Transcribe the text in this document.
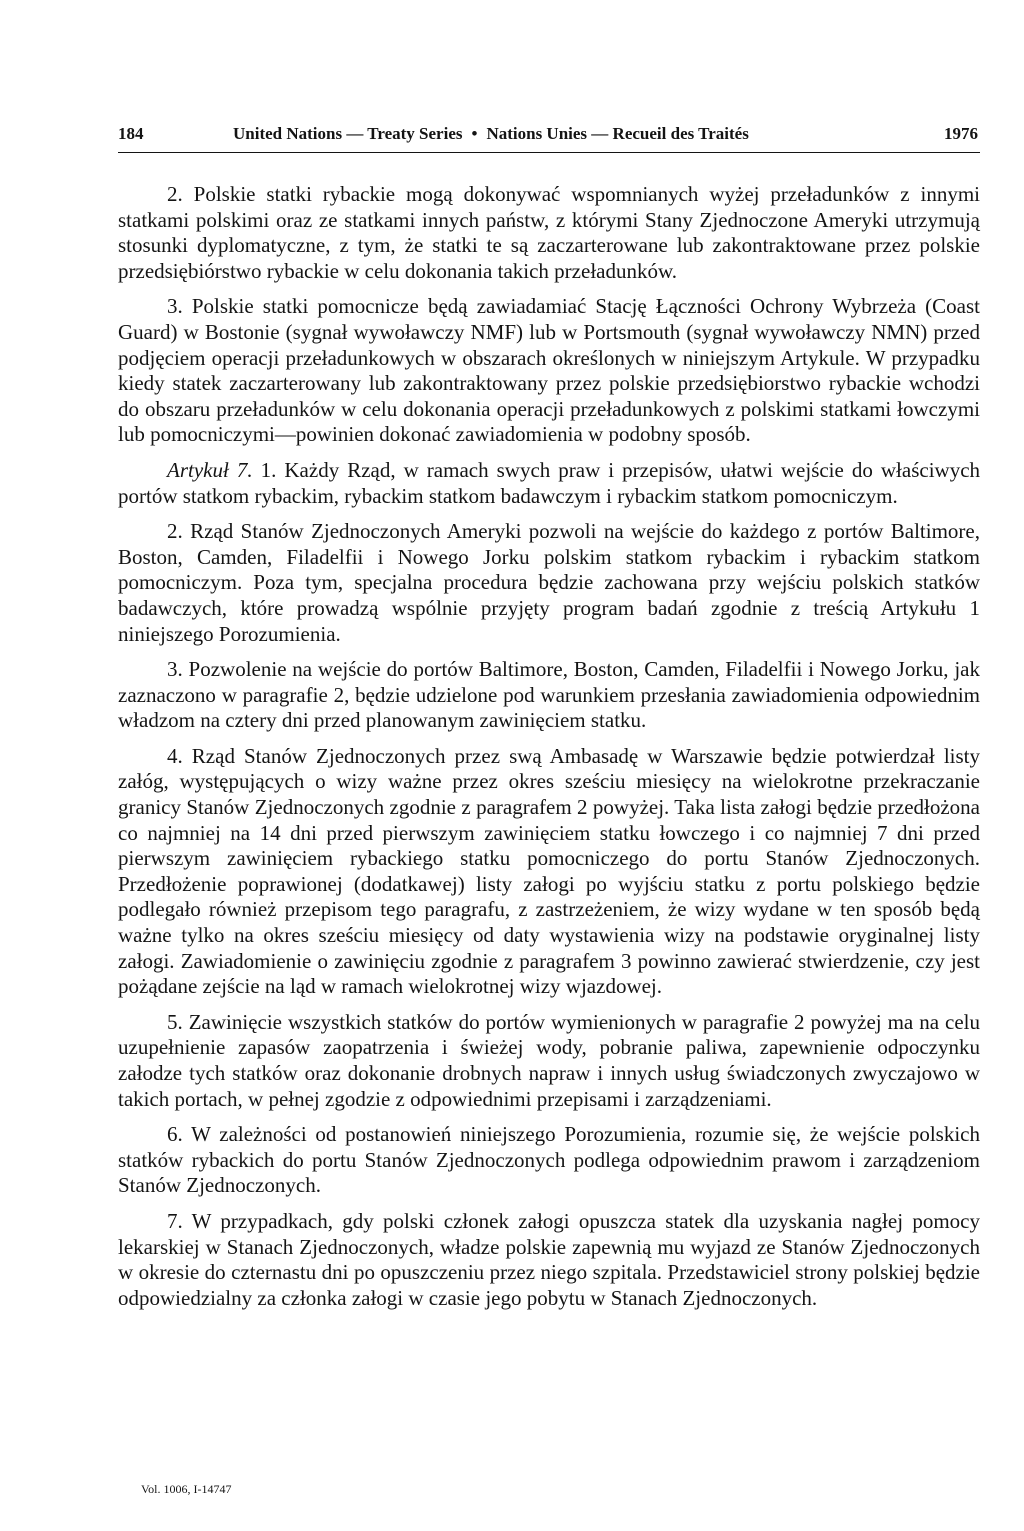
184	United Nations — Treaty Series • Nations Unies — Recueil des Traités	1976

2. Polskie statki rybackie mogą dokonywać wspomnianych wyżej przeładunków z innymi statkami polskimi oraz ze statkami innych państw, z którymi Stany Zjednoczone Ameryki utrzymują stosunki dyplomatyczne, z tym, że statki te są zaczarterowane lub zakontraktowane przez polskie przedsiębiórstwo rybackie w celu dokonania takich przeładunków.

3. Polskie statki pomocnicze będą zawiadamiać Stację Łączności Ochrony Wybrzeża (Coast Guard) w Bostonie (sygnał wywoławczy NMF) lub w Portsmouth (sygnał wywoławczy NMN) przed podjęciem operacji przeładunkowych w obszarach określonych w niniejszym Artykule. W przypadku kiedy statek zaczarterowany lub zakontraktowany przez polskie przedsiębiorstwo rybackie wchodzi do obszaru przeładunków w celu dokonania operacji przeładunkowych z polskimi statkami łowczymi lub pomocniczymi—powinien dokonać zawiadomienia w podobny sposób.

Artykuł 7. 1. Każdy Rząd, w ramach swych praw i przepisów, ułatwi wejście do właściwych portów statkom rybackim, rybackim statkom badawczym i rybackim statkom pomocniczym.

2. Rząd Stanów Zjednoczonych Ameryki pozwoli na wejście do każdego z portów Baltimore, Boston, Camden, Filadelfii i Nowego Jorku polskim statkom rybackim i rybackim statkom pomocniczym. Poza tym, specjalna procedura będzie zachowana przy wejściu polskich statków badawczych, które prowadzą wspólnie przyjęty program badań zgodnie z treścią Artykułu 1 niniejszego Porozumienia.

3. Pozwolenie na wejście do portów Baltimore, Boston, Camden, Filadelfii i Nowego Jorku, jak zaznaczono w paragrafie 2, będzie udzielone pod warunkiem przesłania zawiadomienia odpowiednim władzom na cztery dni przed planowanym zawinięciem statku.

4. Rząd Stanów Zjednoczonych przez swą Ambasadę w Warszawie będzie potwierdzał listy załóg, występujących o wizy ważne przez okres sześciu miesięcy na wielokrotne przekraczanie granicy Stanów Zjednoczonych zgodnie z paragrafem 2 powyżej. Taka lista załogi będzie przedłożona co najmniej na 14 dni przed pierwszym zawinięciem statku łowczego i co najmniej 7 dni przed pierwszym zawinięciem rybackiego statku pomocniczego do portu Stanów Zjednoczonych. Przedłożenie poprawionej (dodatkawej) listy załogi po wyjściu statku z portu polskiego będzie podlegało również przepisom tego paragrafu, z zastrzeżeniem, że wizy wydane w ten sposób będą ważne tylko na okres sześciu miesięcy od daty wystawienia wizy na podstawie oryginalnej listy załogi. Zawiadomienie o zawinięciu zgodnie z paragrafem 3 powinno zawierać stwierdzenie, czy jest pożądane zejście na ląd w ramach wielokrotnej wizy wjazdowej.

5. Zawinięcie wszystkich statków do portów wymienionych w paragrafie 2 powyżej ma na celu uzupełnienie zapasów zaopatrzenia i świeżej wody, pobranie paliwa, zapewnienie odpoczynku załodze tych statków oraz dokonanie drobnych napraw i innych usług świadczonych zwyczajowo w takich portach, w pełnej zgodzie z odpowiednimi przepisami i zarządzeniami.

6. W zależności od postanowień niniejszego Porozumienia, rozumie się, że wejście polskich statków rybackich do portu Stanów Zjednoczonych podlega odpowiednim prawom i zarządzeniom Stanów Zjednoczonych.

7. W przypadkach, gdy polski członek załogi opuszcza statek dla uzyskania nagłej pomocy lekarskiej w Stanach Zjednoczonych, władze polskie zapewnią mu wyjazd ze Stanów Zjednoczonych w okresie do czternastu dni po opuszczeniu przez niego szpitala. Przedstawiciel strony polskiej będzie odpowiedzialny za członka załogi w czasie jego pobytu w Stanach Zjednoczonych.

Vol. 1006, I-14747
